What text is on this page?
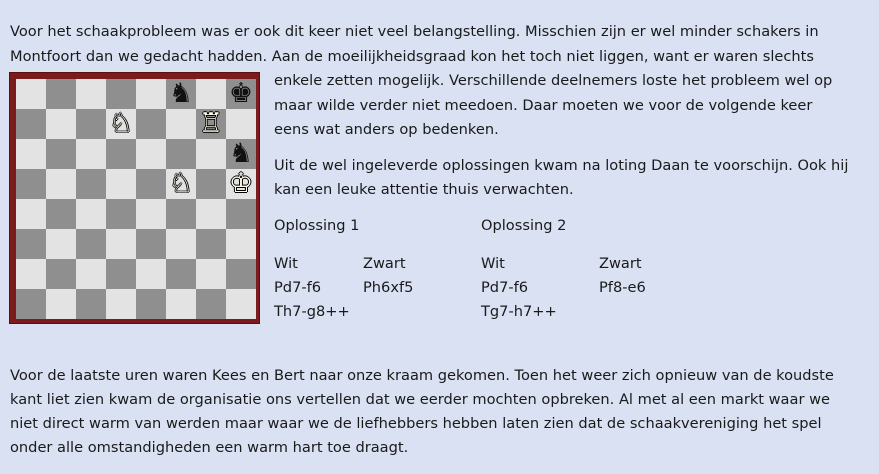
Voor het schaakprobleem was er ook dit keer niet veel belangstelling. Misschien zijn er wel minder schakers in
Montfoort dan we gedacht hadden. Aan de moeilijkheidsgraad kon het toch niet liggen, want er waren slechts
enkele zetten mogelijk. Verschillende deelnemers loste het probleem wel op
maar wilde verder niet meedoen. Daar moeten we voor de volgende keer
eens wat anders op bedenken.
Uit de wel ingeleverde oplossingen kwam na loting Daan te voorschijn. Ook hij
kan een leuke attentie thuis verwachten.
♞ ♚
♘ ♖
♞
♘ ♔
Oplossing 1
Wit	Zwart
Pd7-f6	Ph6xf5
Th7-g8++
Oplossing 2
Wit	Zwart
Pd7-f6	Pf8-e6
Tg7-h7++
Voor de laatste uren waren Kees en Bert naar onze kraam gekomen. Toen het weer zich opnieuw van de koudste
kant liet zien kwam de organisatie ons vertellen dat we eerder mochten opbreken. Al met al een markt waar we
niet direct warm van werden maar waar we de liefhebbers hebben laten zien dat de schaakvereniging het spel
onder alle omstandigheden een warm hart toe draagt.
